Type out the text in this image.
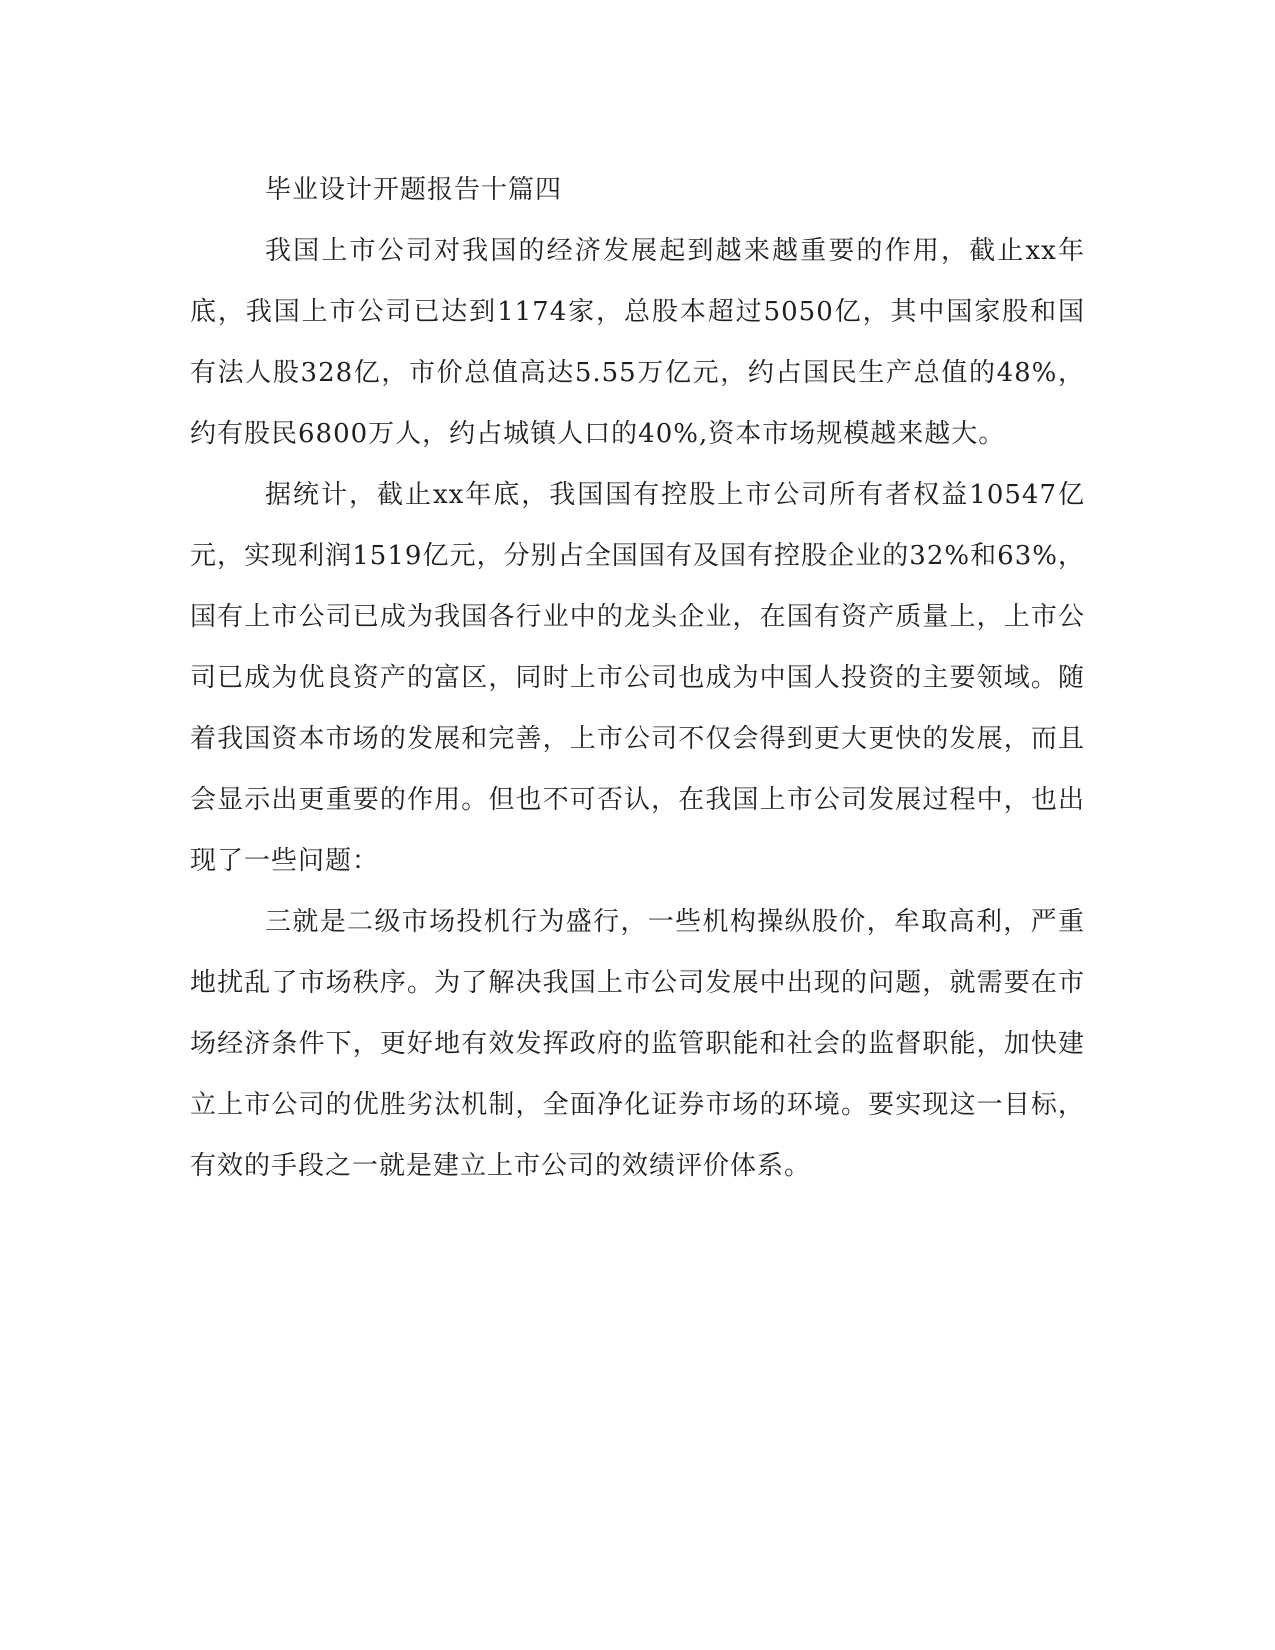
毕业设计开题报告十篇四

我国上市公司对我国的经济发展起到越来越重要的作用，截止xx年底，我国上市公司已达到1174家，总股本超过5050亿，其中国家股和国有法人股328亿，市价总值高达5.55万亿元，约占国民生产总值的48%，约有股民6800万人，约占城镇人口的40%,资本市场规模越来越大。

据统计，截止xx年底，我国国有控股上市公司所有者权益10547亿元，实现利润1519亿元，分别占全国国有及国有控股企业的32%和63%，国有上市公司已成为我国各行业中的龙头企业，在国有资产质量上，上市公司已成为优良资产的富区，同时上市公司也成为中国人投资的主要领域。随着我国资本市场的发展和完善，上市公司不仅会得到更大更快的发展，而且会显示出更重要的作用。但也不可否认，在我国上市公司发展过程中，也出现了一些问题：

三就是二级市场投机行为盛行，一些机构操纵股价，牟取高利，严重地扰乱了市场秩序。为了解决我国上市公司发展中出现的问题，就需要在市场经济条件下，更好地有效发挥政府的监管职能和社会的监督职能，加快建立上市公司的优胜劣汰机制，全面净化证券市场的环境。要实现这一目标，有效的手段之一就是建立上市公司的效绩评价体系。
